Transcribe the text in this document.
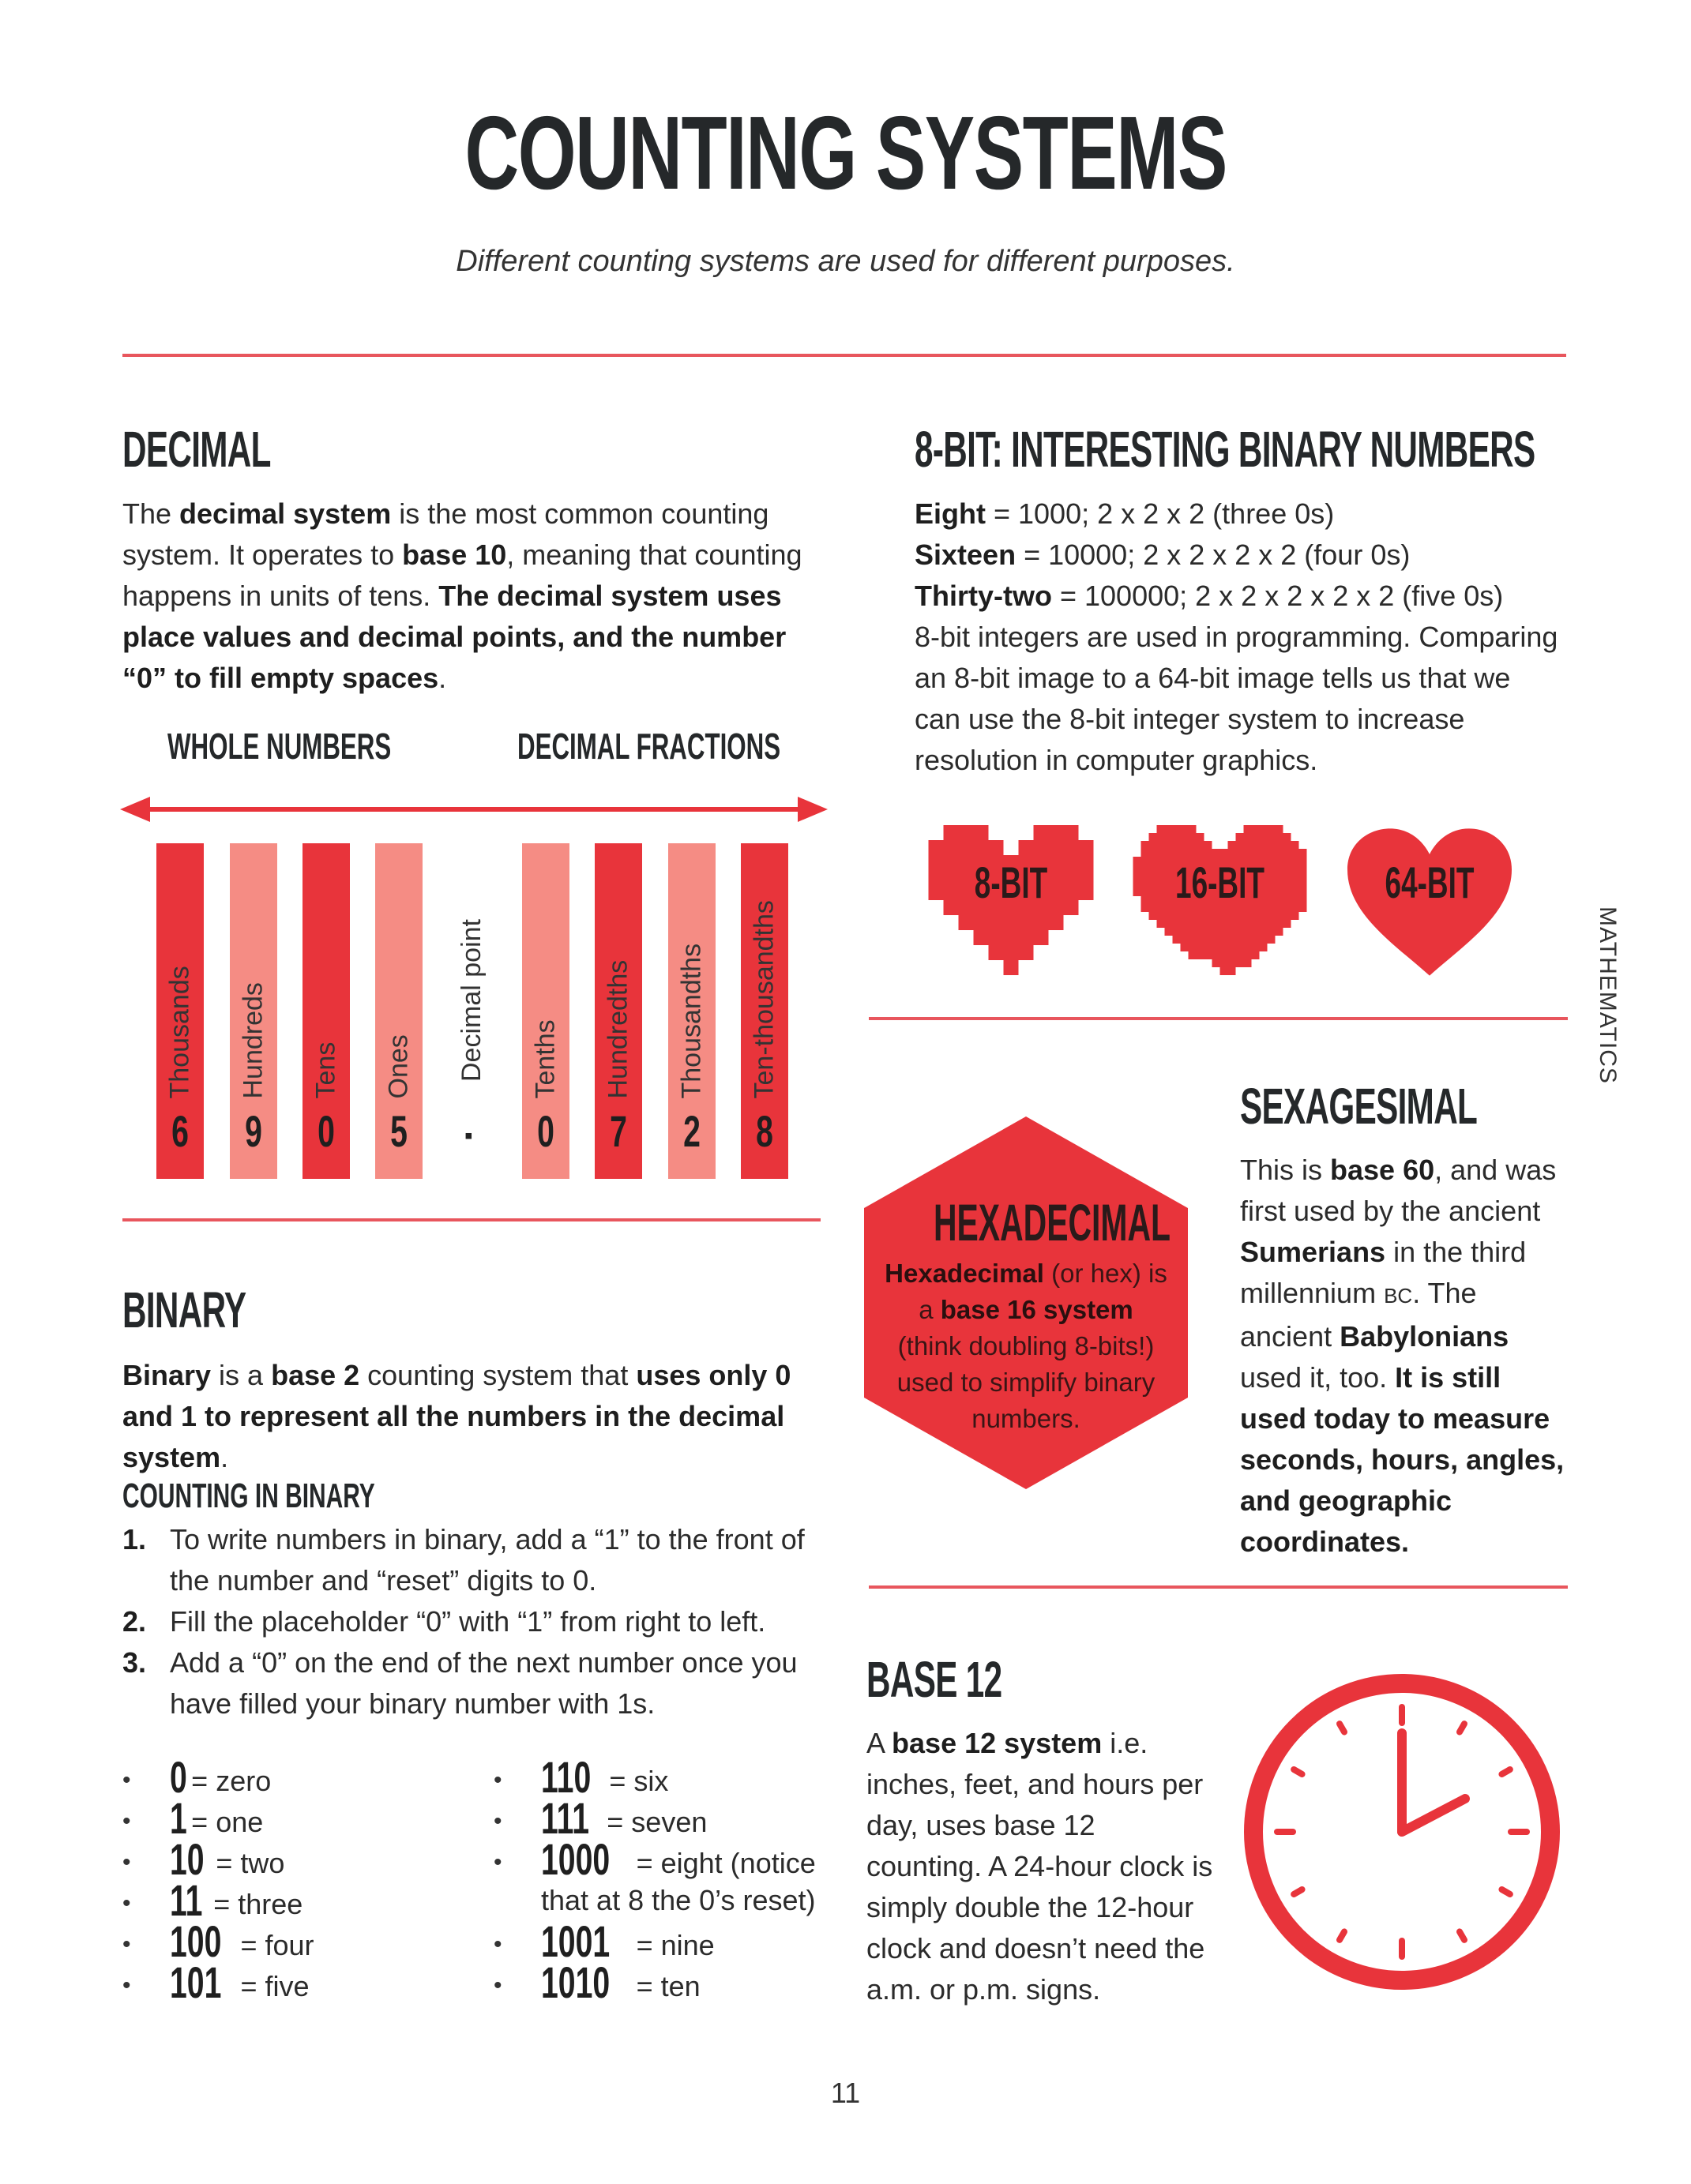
COUNTING SYSTEMS
Different counting systems are used for different purposes.
DECIMAL
The decimal system is the most common counting system. It operates to base 10, meaning that counting happens in units of tens. The decimal system uses place values and decimal points, and the number “0” to fill empty spaces.
WHOLE NUMBERS	DECIMAL FRACTIONS
Thousands
6
Hundreds
9
Tens
0
Ones
5
Tenths
0
Hundredths
7
Thousandths
2
Ten-thousandths
8
▪
Decimal point
BINARY
Binary is a base 2 counting system that uses only 0 and 1 to represent all the numbers in the decimal system.
COUNTING IN BINARY
1. To write numbers in binary, add a “1” to the front of the number and “reset” digits to 0.
2. Fill the placeholder “0” with “1” from right to left.
3. Add a “0” on the end of the next number once you have filled your binary number with 1s.
• 0 = zero
• 1 = one
• 10 = two
• 11 = three
• 100 = four
• 101 = five
• 110 = six
• 111 = seven
• 1000 = eight (notice
that at 8 the 0’s reset)
• 1001 = nine
• 1010 = ten
8-BIT: INTERESTING BINARY NUMBERS
Eight = 1000; 2 x 2 x 2 (three 0s)
Sixteen = 10000; 2 x 2 x 2 x 2 (four 0s)
Thirty-two = 100000; 2 x 2 x 2 x 2 x 2 (five 0s)
8-bit integers are used in programming. Comparing an 8-bit image to a 64-bit image tells us that we can use the 8-bit integer system to increase resolution in computer graphics.
8-BIT	16-BIT	64-BIT
HEXADECIMAL
Hexadecimal (or hex) is a base 16 system (think doubling 8-bits!) used to simplify binary numbers.
SEXAGESIMAL
This is base 60, and was first used by the ancient Sumerians in the third millennium BC. The ancient Babylonians used it, too. It is still used today to measure seconds, hours, angles, and geographic coordinates.
BASE 12
A base 12 system i.e. inches, feet, and hours per day, uses base 12 counting. A 24-hour clock is simply double the 12-hour clock and doesn’t need the a.m. or p.m. signs.
MATHEMATICS
11
